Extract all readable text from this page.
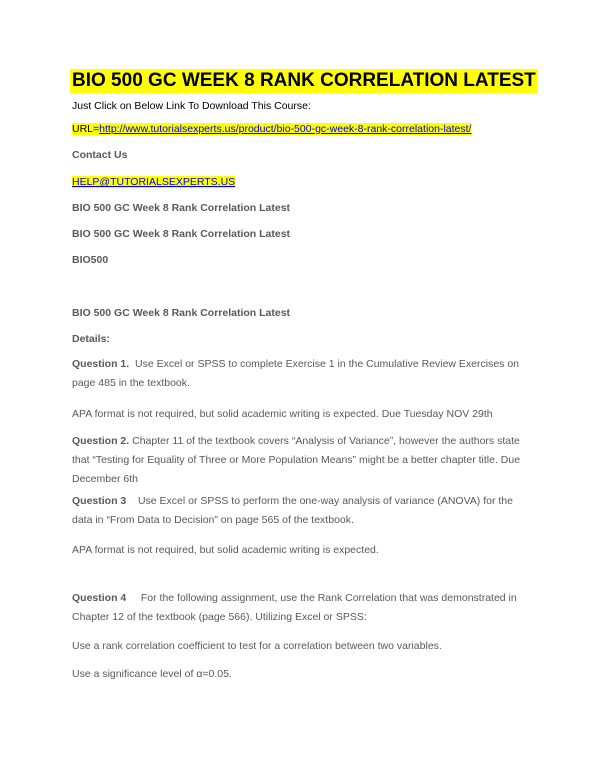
BIO 500 GC WEEK 8 RANK CORRELATION LATEST
Just Click on Below Link To Download This Course:
URL=http://www.tutorialsexperts.us/product/bio-500-gc-week-8-rank-correlation-latest/
Contact Us
HELP@TUTORIALSEXPERTS.US
BIO 500 GC Week 8 Rank Correlation Latest
BIO 500 GC Week 8 Rank Correlation Latest
BIO500
BIO 500 GC Week 8 Rank Correlation Latest
Details:
Question 1. Use Excel or SPSS to complete Exercise 1 in the Cumulative Review Exercises on page 485 in the textbook.
APA format is not required, but solid academic writing is expected. Due Tuesday NOV 29th
Question 2. Chapter 11 of the textbook covers “Analysis of Variance”, however the authors state that “Testing for Equality of Three or More Population Means” might be a better chapter title. Due December 6th
Question 3 Use Excel or SPSS to perform the one-way analysis of variance (ANOVA) for the data in “From Data to Decision” on page 565 of the textbook.
APA format is not required, but solid academic writing is expected.
Question 4 For the following assignment, use the Rank Correlation that was demonstrated in Chapter 12 of the textbook (page 566). Utilizing Excel or SPSS:
Use a rank correlation coefficient to test for a correlation between two variables.
Use a significance level of α=0.05.
